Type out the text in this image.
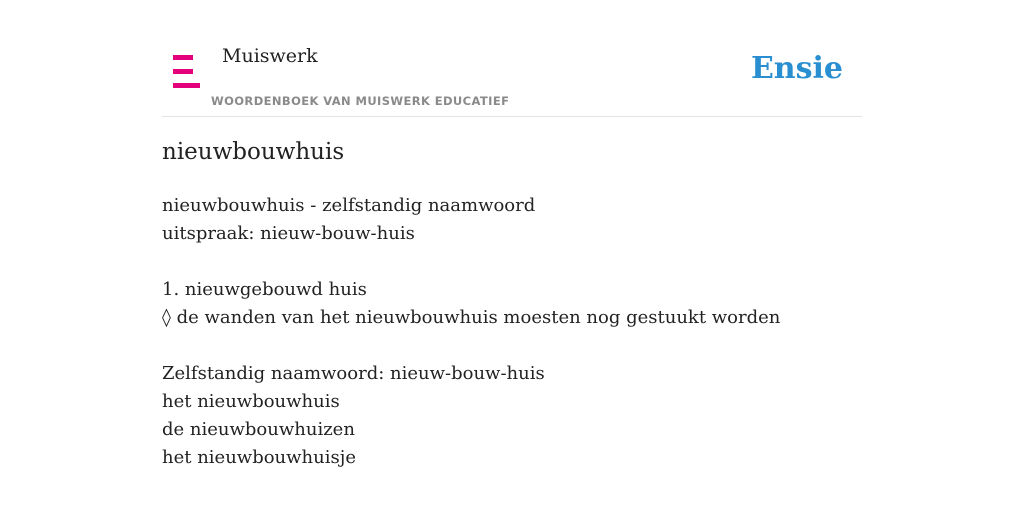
Muiswerk
WOORDENBOEK VAN MUISWERK EDUCATIEF
Ensie
nieuwbouwhuis
nieuwbouwhuis - zelfstandig naamwoord
uitspraak: nieuw-bouw-huis
1. nieuwgebouwd huis
◊ de wanden van het nieuwbouwhuis moesten nog gestuukt worden
Zelfstandig naamwoord: nieuw-bouw-huis
het nieuwbouwhuis
de nieuwbouwhuizen
het nieuwbouwhuisje
